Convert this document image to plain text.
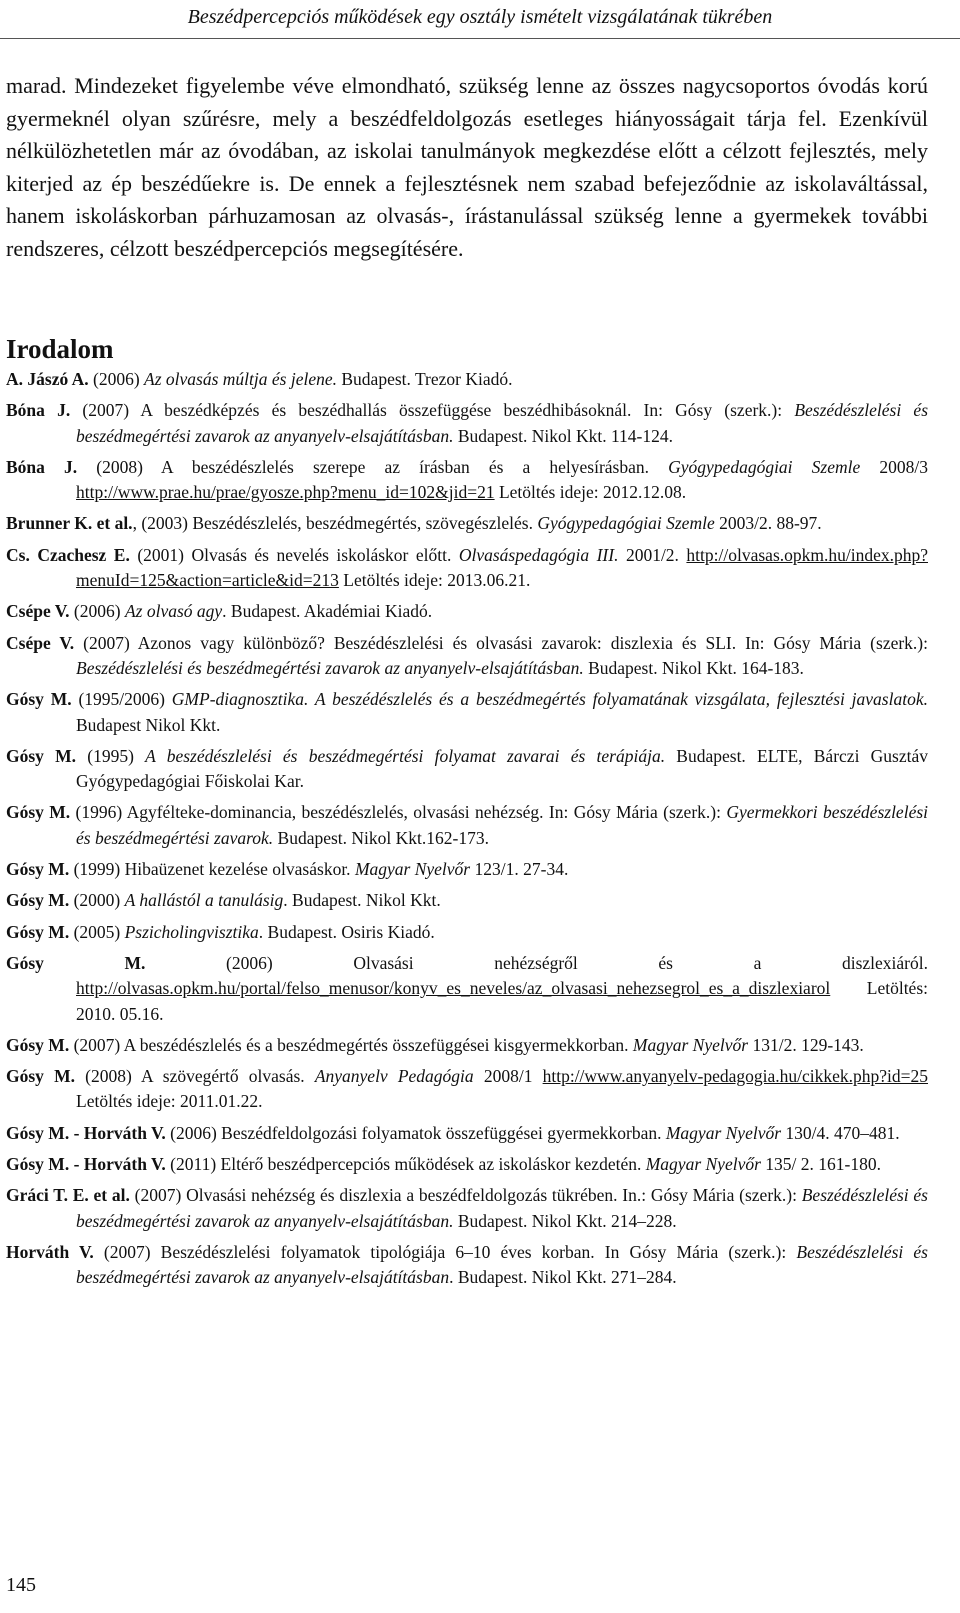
Beszédpercepciós működések egy osztály ismételt vizsgálatának tükrében

marad. Mindezeket figyelembe véve elmondható, szükség lenne az összes nagycsoportos óvodás korú gyermeknél olyan szűrésre, mely a beszédfeldolgozás esetleges hiányosságait tárja fel. Ezenkívül nélkülözhetetlen már az óvodában, az iskolai tanulmányok megkezdése előtt a célzott fejlesztés, mely kiterjed az ép beszédűekre is. De ennek a fejlesztésnek nem szabad befejeződnie az iskolaváltással, hanem iskoláskorban párhuzamosan az olvasás-, írástanulással szükség lenne a gyermekek további rendszeres, célzott beszédpercepciós megsegítésére.

Irodalom
A. Jászó A. (2006) Az olvasás múltja és jelene. Budapest. Trezor Kiadó.
Bóna J. (2007) A beszédképzés és beszédhallás összefüggése beszédhibásoknál. In: Gósy (szerk.): Beszédészlelési és beszédmegértési zavarok az anyanyelv-elsajátításban. Budapest. Nikol Kkt. 114-124.
Bóna J. (2008) A beszédészlelés szerepe az írásban és a helyesírásban. Gyógypedagógiai Szemle 2008/3 http://www.prae.hu/prae/gyosze.php?menu_id=102&jid=21 Letöltés ideje: 2012.12.08.
Brunner K. et al., (2003) Beszédészlelés, beszédmegértés, szövegészlelés. Gyógypedagógiai Szemle 2003/2. 88-97.
Cs. Czachesz E. (2001) Olvasás és nevelés iskoláskor előtt. Olvasáspedagógia III. 2001/2. http://olvasas.opkm.hu/index.php?menuId=125&action=article&id=213 Letöltés ideje: 2013.06.21.
Csépe V. (2006) Az olvasó agy. Budapest. Akadémiai Kiadó.
Csépe V. (2007) Azonos vagy különböző? Beszédészlelési és olvasási zavarok: diszlexia és SLI. In: Gósy Mária (szerk.): Beszédészlelési és beszédmegértési zavarok az anyanyelv-elsajátításban. Budapest. Nikol Kkt. 164-183.
Gósy M. (1995/2006) GMP-diagnosztika. A beszédészlelés és a beszédmegértés folyamatának vizsgálata, fejlesztési javaslatok. Budapest Nikol Kkt.
Gósy M. (1995) A beszédészlelési és beszédmegértési folyamat zavarai és terápiája. Budapest. ELTE, Bárczi Gusztáv Gyógypedagógiai Főiskolai Kar.
Gósy M. (1996) Agyféltekе-dominancia, beszédészlelés, olvasási nehézség. In: Gósy Mária (szerk.): Gyermekkori beszédészlelési és beszédmegértési zavarok. Budapest. Nikol Kkt.162-173.
Gósy M. (1999) Hibaüzenet kezelése olvasáskor. Magyar Nyelvőr 123/1. 27-34.
Gósy M. (2000) A hallástól a tanulásig. Budapest. Nikol Kkt.
Gósy M. (2005) Pszicholingvisztika. Budapest. Osiris Kiadó.
Gósy M. (2006) Olvasási nehézségről és a diszlexiáról. http://olvasas.opkm.hu/portal/felso_menusor/konyv_es_neveles/az_olvasasi_nehezsegrol_es_a_diszlexiarol Letöltés: 2010. 05.16.
Gósy M. (2007) A beszédészlelés és a beszédmegértés összefüggései kisgyermekkorban. Magyar Nyelvőr 131/2. 129-143.
Gósy M. (2008) A szövegértő olvasás. Anyanyelv Pedagógia 2008/1 http://www.anyanyelv-pedagogia.hu/cikkek.php?id=25 Letöltés ideje: 2011.01.22.
Gósy M. - Horváth V. (2006) Beszédfeldolgozási folyamatok összefüggései gyermekkorban. Magyar Nyelvőr 130/4. 470–481.
Gósy M. - Horváth V. (2011) Eltérő beszédpercepciós működések az iskoláskor kezdetén. Magyar Nyelvőr 135/ 2. 161-180.
Gráci T. E. et al. (2007) Olvasási nehézség és diszlexia a beszédfeldolgozás tükrében. In.: Gósy Mária (szerk.): Beszédészlelési és beszédmegértési zavarok az anyanyelv-elsajátításban. Budapest. Nikol Kkt. 214–228.
Horváth V. (2007) Beszédészlelési folyamatok tipológiája 6–10 éves korban. In Gósy Mária (szerk.): Beszédészlelési és beszédmegértési zavarok az anyanyelv-elsajátításban. Budapest. Nikol Kkt. 271–284.
145
